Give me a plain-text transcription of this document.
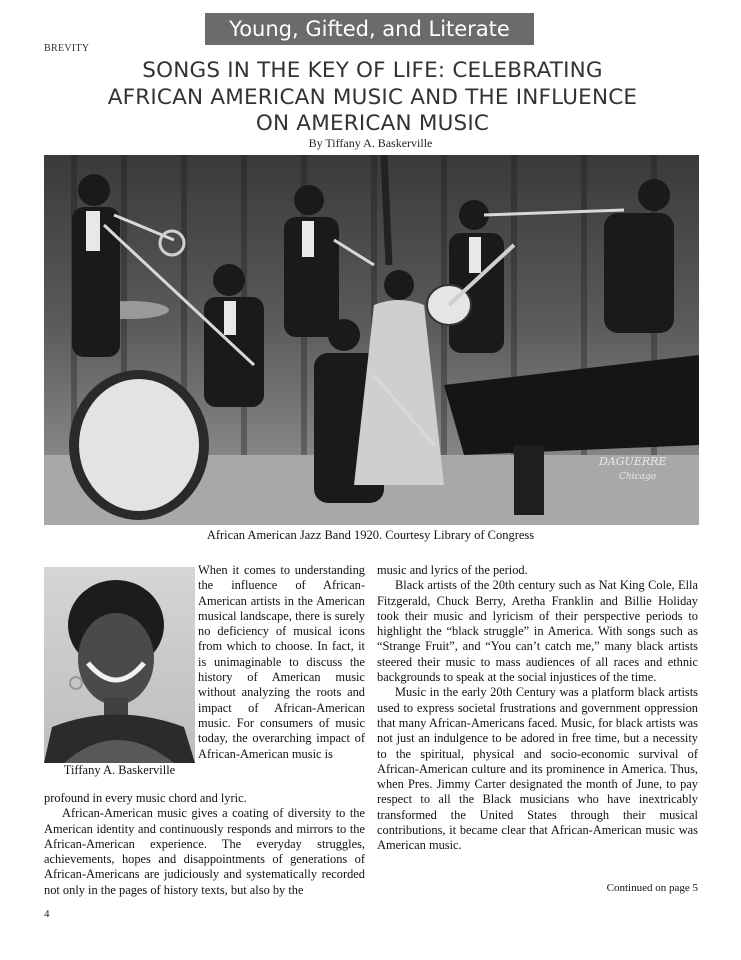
Young, Gifted, and Literate
BREVITY
SONGS IN THE KEY OF LIFE: CELEBRATING
AFRICAN AMERICAN MUSIC AND THE INFLUENCE
ON AMERICAN MUSIC
By Tiffany A. Baskerville
DAGUERRE
Chicago
African American Jazz Band 1920. Courtesy Library of Congress
Tiffany A. Baskerville

When it comes to understanding the influence of African-American artists in the American musical landscape, there is surely no deficiency of musical icons from which to choose. In fact, it is unimaginable to discuss the history of American music without analyzing the roots and impact of African-American music. For consumers of music today, the overarching impact of African-American music is

profound in every music chord and lyric.

African-American music gives a coating of diversity to the American identity and continuously responds and mirrors to the African-American experience. The everyday struggles, achievements, hopes and disappointments of generations of African-Americans are judiciously and systematically recorded not only in the pages of history texts, but also by the

music and lyrics of the period.

Black artists of the 20th century such as Nat King Cole, Ella Fitzgerald, Chuck Berry, Aretha Franklin and Billie Holiday took their music and lyricism of their perspective periods to highlight the “black struggle” in America. With songs such as “Strange Fruit”, and “You can’t catch me,” many black artists steered their music to mass audiences of all races and ethnic backgrounds to speak at the social injustices of the time.

Music in the early 20th Century was a platform black artists used to express societal frustrations and government oppression that many African-Americans faced. Music, for black artists was not just an indulgence to be adored in free time, but a necessity to the spiritual, physical and socio-economic survival of African-American culture and its prominence in America. Thus, when Pres. Jimmy Carter designated the month of June, to pay respect to all the Black musicians who have inextricably transformed the United States through their musical contributions, it became clear that African-American music was American music.

Continued on page 5
4
